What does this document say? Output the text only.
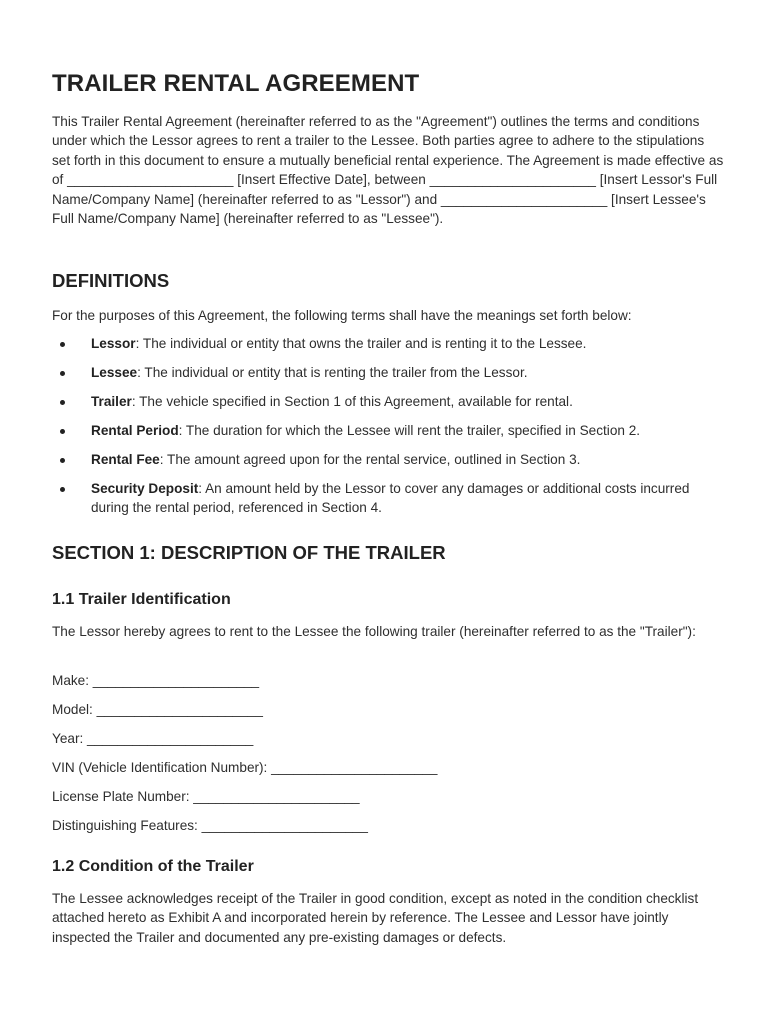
TRAILER RENTAL AGREEMENT

This Trailer Rental Agreement (hereinafter referred to as the "Agreement") outlines the terms and conditions under which the Lessor agrees to rent a trailer to the Lessee. Both parties agree to adhere to the stipulations set forth in this document to ensure a mutually beneficial rental experience. The Agreement is made effective as of ______________________ [Insert Effective Date], between ______________________ [Insert Lessor's Full Name/Company Name] (hereinafter referred to as "Lessor") and ______________________ [Insert Lessee's Full Name/Company Name] (hereinafter referred to as "Lessee").

DEFINITIONS

For the purposes of this Agreement, the following terms shall have the meanings set forth below:

Lessor: The individual or entity that owns the trailer and is renting it to the Lessee.
Lessee: The individual or entity that is renting the trailer from the Lessor.
Trailer: The vehicle specified in Section 1 of this Agreement, available for rental.
Rental Period: The duration for which the Lessee will rent the trailer, specified in Section 2.
Rental Fee: The amount agreed upon for the rental service, outlined in Section 3.
Security Deposit: An amount held by the Lessor to cover any damages or additional costs incurred during the rental period, referenced in Section 4.
SECTION 1: DESCRIPTION OF THE TRAILER
1.1 Trailer Identification

The Lessor hereby agrees to rent to the Lessee the following trailer (hereinafter referred to as the "Trailer"):

Make: ______________________

Model: ______________________

Year: ______________________

VIN (Vehicle Identification Number): ______________________

License Plate Number: ______________________

Distinguishing Features: ______________________

1.2 Condition of the Trailer

The Lessee acknowledges receipt of the Trailer in good condition, except as noted in the condition checklist attached hereto as Exhibit A and incorporated herein by reference. The Lessee and Lessor have jointly inspected the Trailer and documented any pre-existing damages or defects.
